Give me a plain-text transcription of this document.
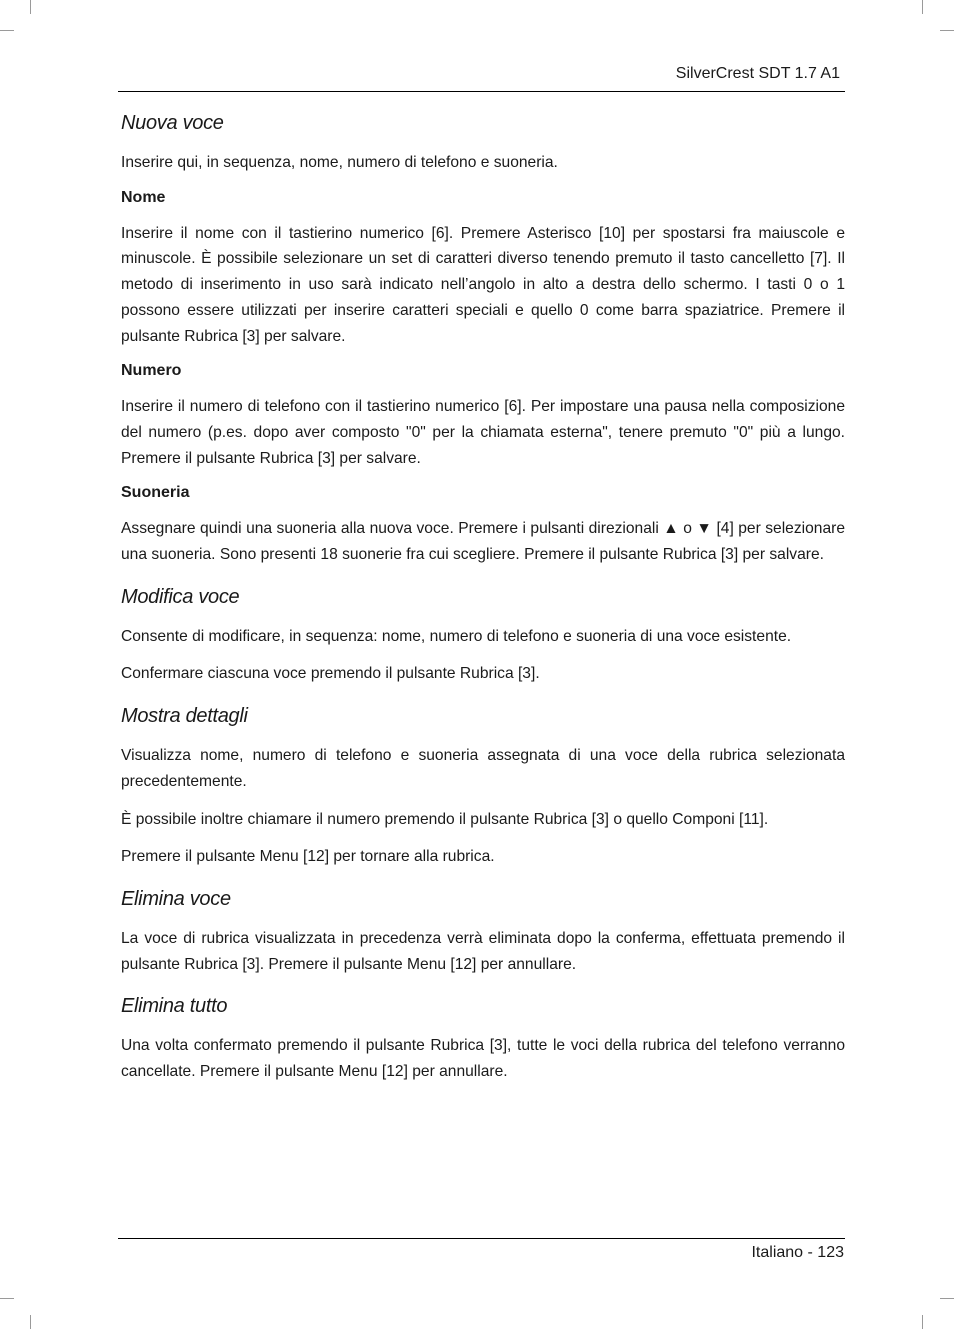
SilverCrest SDT 1.7 A1
Nuova voce

Inserire qui, in sequenza, nome, numero di telefono e suoneria.

Nome

Inserire il nome con il tastierino numerico [6]. Premere Asterisco [10] per spostarsi fra maiuscole e minuscole. È possibile selezionare un set di caratteri diverso tenendo premuto il tasto cancelletto [7]. Il metodo di inserimento in uso sarà indicato nell’angolo in alto a destra dello schermo. I tasti 0 o 1 possono essere utilizzati per inserire caratteri speciali e quello 0 come barra spaziatrice. Premere il pulsante Rubrica [3] per salvare.

Numero

Inserire il numero di telefono con il tastierino numerico [6]. Per impostare una pausa nella composizione del numero (p.es. dopo aver composto "0" per la chiamata esterna", tenere premuto "0" più a lungo. Premere il pulsante Rubrica [3] per salvare.

Suoneria

Assegnare quindi una suoneria alla nuova voce. Premere i pulsanti direzionali ▲ o ▼ [4] per selezionare una suoneria. Sono presenti 18 suonerie fra cui scegliere. Premere il pulsante Rubrica [3] per salvare.

Modifica voce

Consente di modificare, in sequenza: nome, numero di telefono e suoneria di una voce esistente.

Confermare ciascuna voce premendo il pulsante Rubrica [3].

Mostra dettagli

Visualizza nome, numero di telefono e suoneria assegnata di una voce della rubrica selezionata precedentemente.

È possibile inoltre chiamare il numero premendo il pulsante Rubrica [3] o quello Componi [11].

Premere il pulsante Menu [12] per tornare alla rubrica.

Elimina voce

La voce di rubrica visualizzata in precedenza verrà eliminata dopo la conferma, effettuata premendo il pulsante Rubrica [3]. Premere il pulsante Menu [12] per annullare.

Elimina tutto

Una volta confermato premendo il pulsante Rubrica [3], tutte le voci della rubrica del telefono verranno cancellate. Premere il pulsante Menu [12] per annullare.

Italiano - 123
